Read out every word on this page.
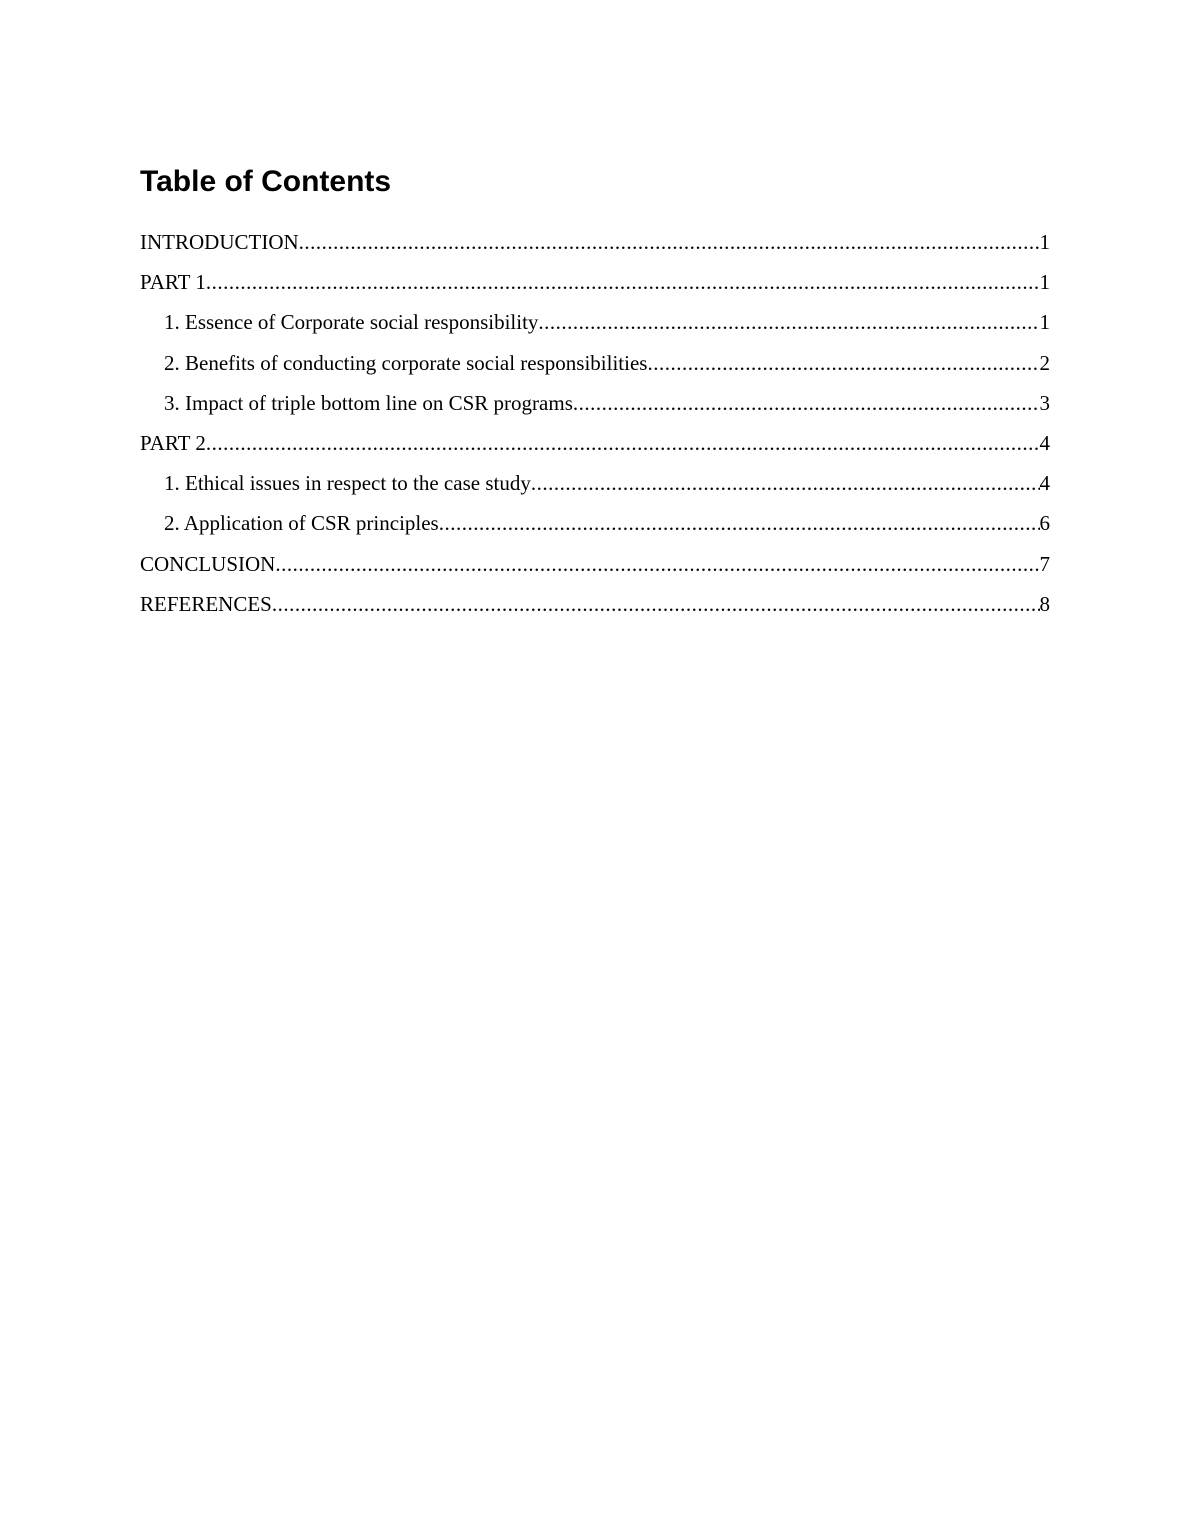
Table of Contents
INTRODUCTION .....	1
PART 1 .....	1
1. Essence of Corporate social responsibility .....	1
2. Benefits of conducting corporate social responsibilities .....	2
3. Impact of triple bottom line on CSR programs .....	3
PART 2 .....	4
1. Ethical issues in respect to the case study .....	4
2. Application of CSR principles .....	6
CONCLUSION .....	7
REFERENCES .....	8
